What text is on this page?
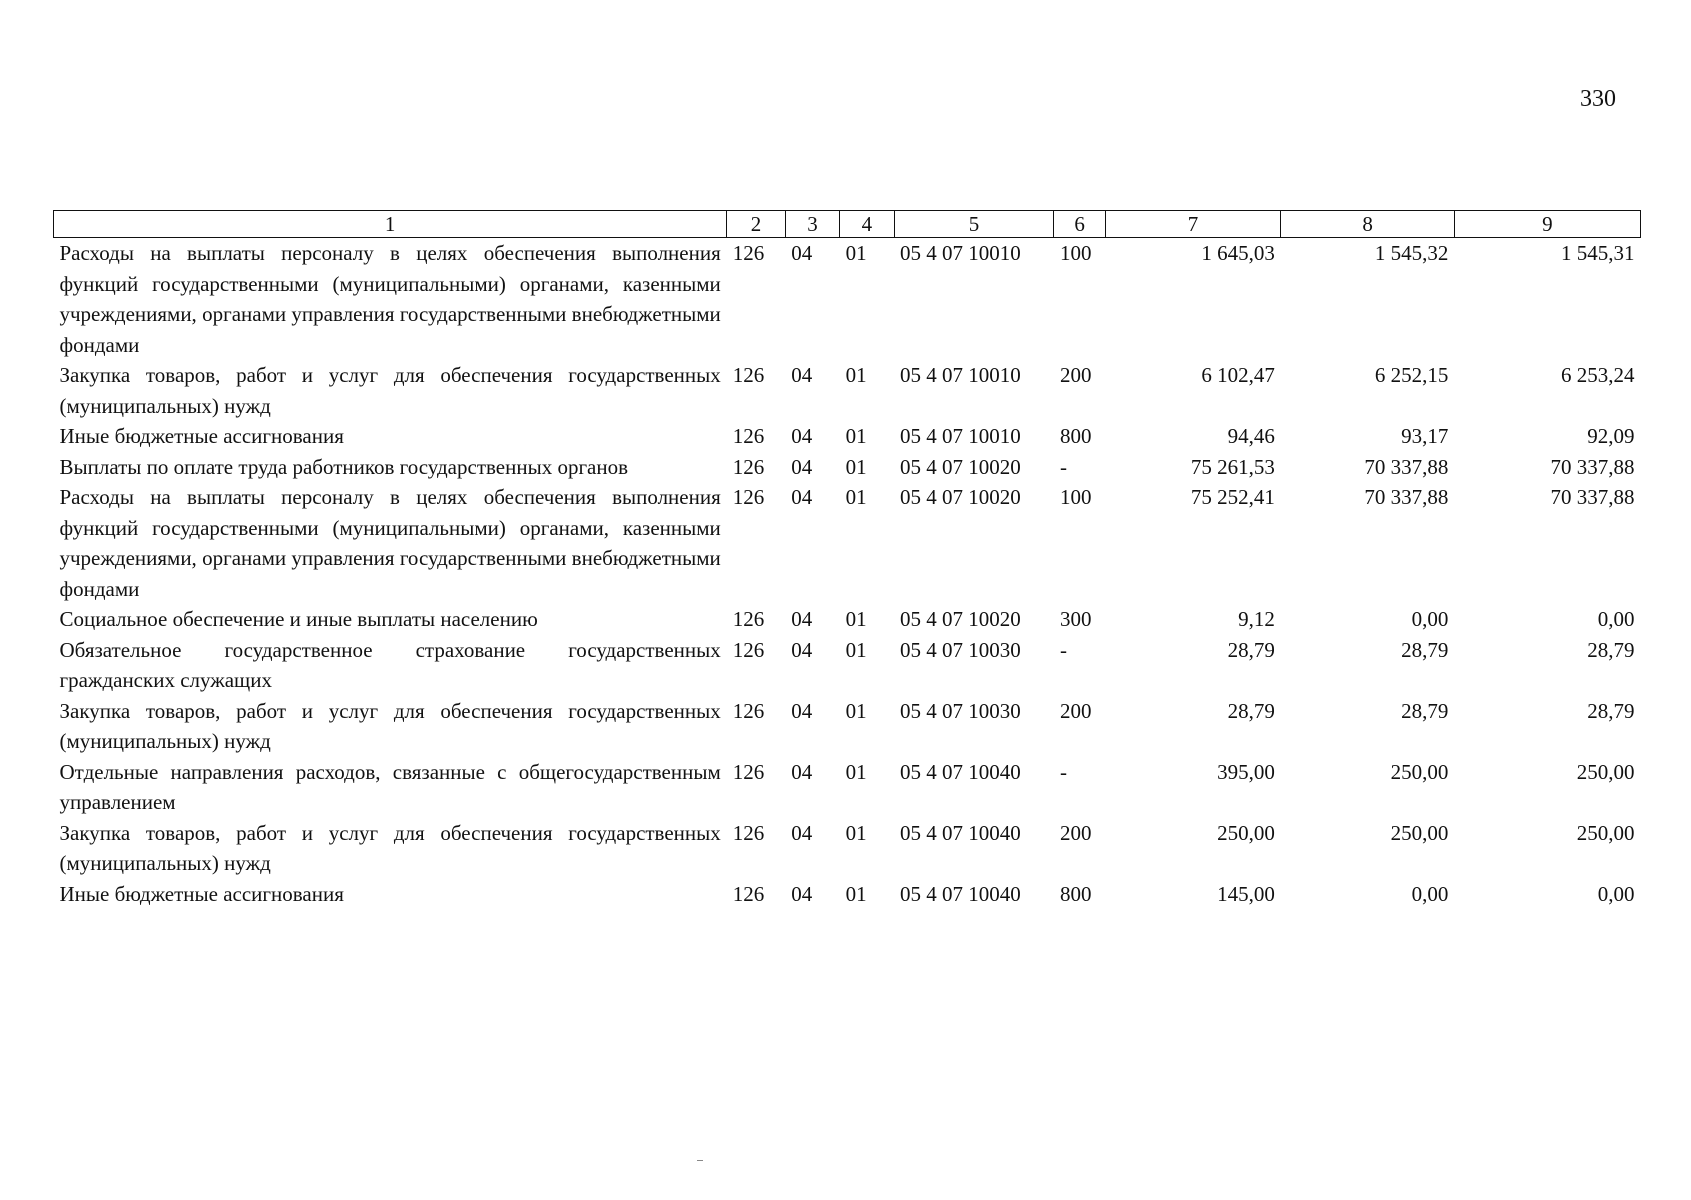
330
1	2	3	4	5	6	7	8	9
Расходы на выплаты персоналу в целях обеспечения выполнения функций государственными (муниципальными) органами, казенными учреждениями, органами управления государственными внебюджетными фондами	126	04	01	05 4 07 10010	100	1 645,03	1 545,32	1 545,31
Закупка товаров, работ и услуг для обеспечения государственных (муниципальных) нужд	126	04	01	05 4 07 10010	200	6 102,47	6 252,15	6 253,24
Иные бюджетные ассигнования	126	04	01	05 4 07 10010	800	94,46	93,17	92,09
Выплаты по оплате труда работников государственных органов	126	04	01	05 4 07 10020	-	75 261,53	70 337,88	70 337,88
Расходы на выплаты персоналу в целях обеспечения выполнения функций государственными (муниципальными) органами, казенными учреждениями, органами управления государственными внебюджетными фондами	126	04	01	05 4 07 10020	100	75 252,41	70 337,88	70 337,88
Социальное обеспечение и иные выплаты населению	126	04	01	05 4 07 10020	300	9,12	0,00	0,00
Обязательное государственное страхование государственных гражданских служащих	126	04	01	05 4 07 10030	-	28,79	28,79	28,79
Закупка товаров, работ и услуг для обеспечения государственных (муниципальных) нужд	126	04	01	05 4 07 10030	200	28,79	28,79	28,79
Отдельные направления расходов, связанные с общегосударственным управлением	126	04	01	05 4 07 10040	-	395,00	250,00	250,00
Закупка товаров, работ и услуг для обеспечения государственных (муниципальных) нужд	126	04	01	05 4 07 10040	200	250,00	250,00	250,00
Иные бюджетные ассигнования	126	04	01	05 4 07 10040	800	145,00	0,00	0,00
